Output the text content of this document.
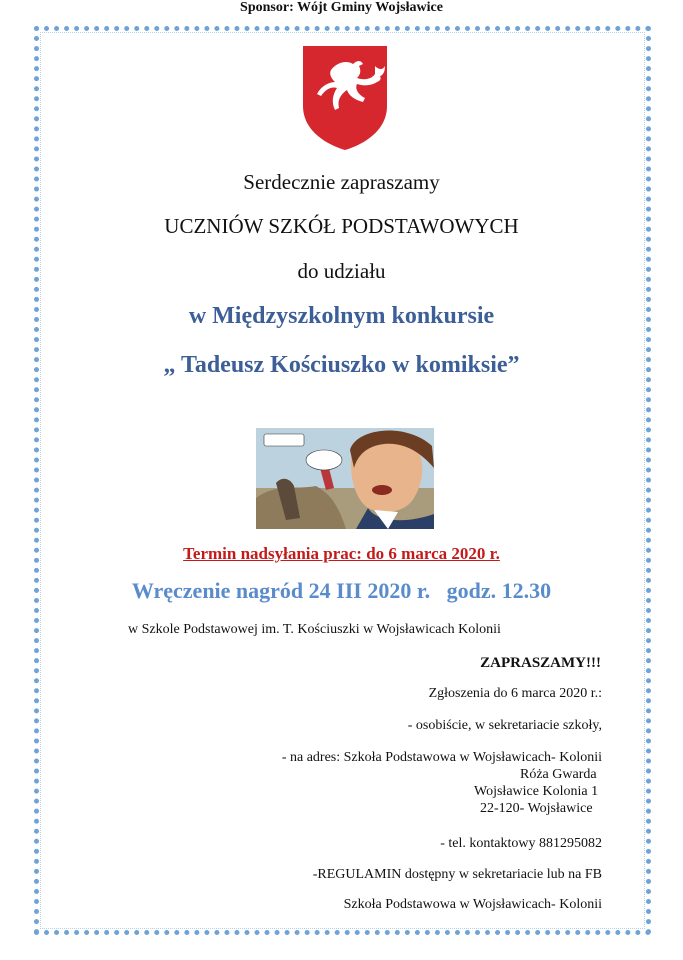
Serdecznie zapraszamy
UCZNIÓW SZKÓŁ PODSTAWOWYCH
do udziału
w Międzyszkolnym konkursie
„ Tadeusz Kościuszko w komiksie”
Sponsor: Wójt Gminy Wojsławice
Termin nadsyłania prac: do 6 marca 2020 r.
Wręczenie nagród 24 III 2020 r.   godz. 12.30
w Szkole Podstawowej im. T. Kościuszki w Wojsławicach Kolonii
ZAPRASZAMY!!!
Zgłoszenia do 6 marca 2020 r.:
- osobiście, w sekretariacie szkoły,
- na adres: Szkoła Podstawowa w Wojsławicach- Kolonii
Róża Gwarda
Wojsławice Kolonia 1
22-120- Wojsławice
- tel. kontaktowy 881295082
-REGULAMIN dostępny w sekretariacie lub na FB
Szkoła Podstawowa w Wojsławicach- Kolonii
